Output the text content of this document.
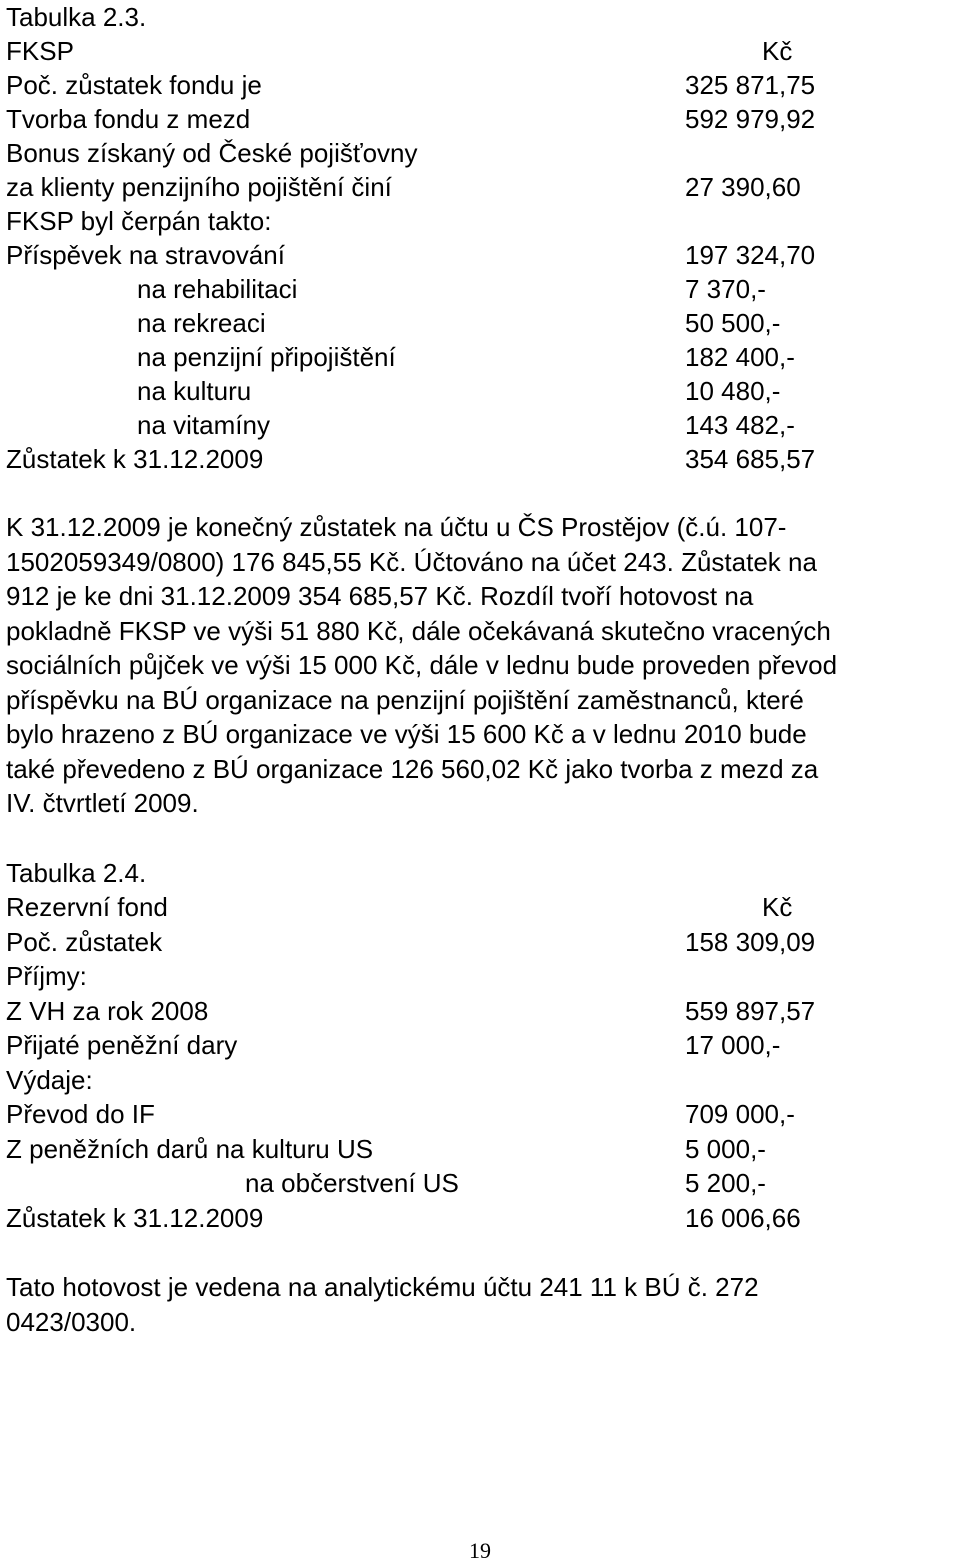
Tabulka 2.3.
FKSP	Kč
Poč. zůstatek fondu je	325 871,75
Tvorba fondu z mezd	592 979,92
Bonus získaný od České pojišťovny
za klienty penzijního pojištění činí	27 390,60
FKSP byl čerpán takto:
Příspěvek na stravování	197 324,70
na rehabilitaci	7 370,-
na rekreaci	50 500,-
na penzijní připojištění	182 400,-
na kulturu	10 480,-
na vitamíny	143 482,-
Zůstatek k 31.12.2009	354 685,57
K 31.12.2009 je konečný zůstatek na účtu u ČS Prostějov (č.ú. 107-
1502059349/0800) 176 845,55 Kč. Účtováno na účet 243. Zůstatek na
912 je ke dni 31.12.2009 354 685,57 Kč. Rozdíl tvoří hotovost na
pokladně FKSP ve výši 51 880 Kč, dále očekávaná skutečno vracených
sociálních půjček ve výši 15 000 Kč, dále v lednu bude proveden převod
příspěvku na BÚ organizace na penzijní pojištění zaměstnanců, které
bylo hrazeno z BÚ organizace ve výši 15 600 Kč a v lednu 2010 bude
také převedeno z BÚ organizace 126 560,02 Kč jako tvorba z mezd za
IV. čtvrtletí 2009.
Tabulka 2.4.
Rezervní fond	Kč
Poč. zůstatek	158 309,09
Příjmy:
Z VH za rok 2008	559 897,57
Přijaté peněžní dary	17 000,-
Výdaje:
Převod do IF	709 000,-
Z peněžních darů na kulturu US	5 000,-
na občerstvení US	5 200,-
Zůstatek k 31.12.2009	16 006,66
Tato hotovost je vedena na analytickému účtu 241 11 k BÚ č. 272
0423/0300.
19
